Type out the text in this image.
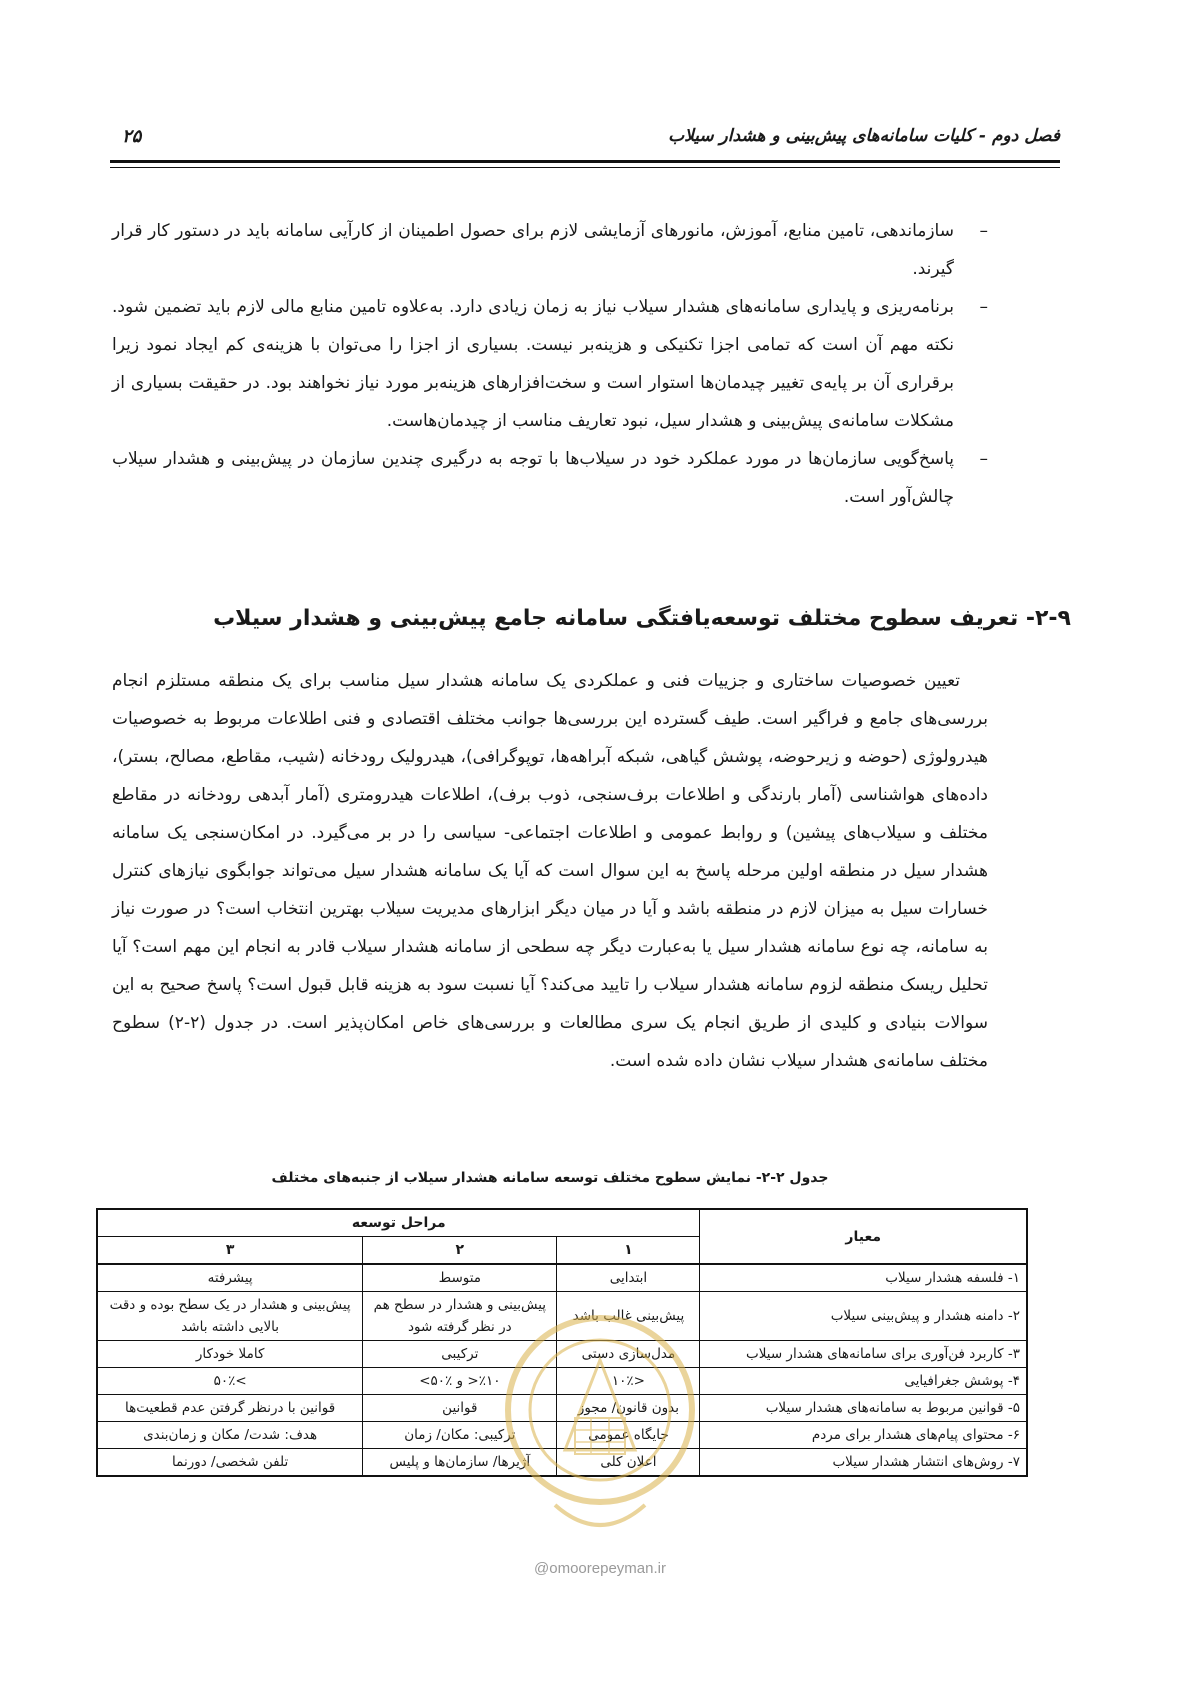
فصل دوم - کلیات سامانه‌های پیش‌بینی و هشدار سیلاب
۲۵

–
سازماندهی، تامین منابع، آموزش، مانورهای آزمایشی لازم برای حصول اطمینان از کارآیی سامانه باید در دستور کار قرار گیرند.

–
برنامه‌ریزی و پایداری سامانه‌های هشدار سیلاب نیاز به زمان زیادی دارد. به‌علاوه تامین منابع مالی لازم باید تضمین شود. نکته مهم آن است که تمامی اجزا تکنیکی و هزینه‌بر نیست. بسیاری از اجزا را می‌توان با هزینه‌ی کم ایجاد نمود زیرا برقراری آن بر پایه‌ی تغییر چیدمان‌ها استوار است و سخت‌افزارهای هزینه‌بر مورد نیاز نخواهند بود. در حقیقت بسیاری از مشکلات سامانه‌ی پیش‌بینی و هشدار سیل، نبود تعاریف مناسب از چیدمان‌هاست.

–
پاسخ‌گویی سازمان‌ها در مورد عملکرد خود در سیلاب‌ها با توجه به درگیری چندین سازمان در پیش‌بینی و هشدار سیلاب چالش‌آور است.

۲-۹- تعریف سطوح مختلف توسعه‌یافتگی سامانه جامع پیش‌بینی و هشدار سیلاب

تعیین خصوصیات ساختاری و جزییات فنی و عملکردی یک سامانه هشدار سیل مناسب برای یک منطقه مستلزم انجام بررسی‌های جامع و فراگیر است. طیف گسترده این بررسی‌ها جوانب مختلف اقتصادی و فنی اطلاعات مربوط به خصوصیات هیدرولوژی (حوضه و زیرحوضه، پوشش گیاهی، شبکه آبراهه‌ها، توپوگرافی)، هیدرولیک رودخانه (شیب، مقاطع، مصالح، بستر)، داده‌های هواشناسی (آمار بارندگی و اطلاعات برف‌سنجی، ذوب برف)، اطلاعات هیدرومتری (آمار آبدهی رودخانه در مقاطع مختلف و سیلاب‌های پیشین) و روابط عمومی و اطلاعات اجتماعی- سیاسی را در بر می‌گیرد. در امکان‌سنجی یک سامانه هشدار سیل در منطقه اولین مرحله پاسخ به این سوال است که آیا یک سامانه هشدار سیل می‌تواند جوابگوی نیازهای کنترل خسارات سیل به میزان لازم در منطقه باشد و آیا در میان دیگر ابزارهای مدیریت سیلاب بهترین انتخاب است؟ در صورت نیاز به سامانه، چه نوع سامانه هشدار سیل یا به‌عبارت دیگر چه سطحی از سامانه هشدار سیلاب قادر به انجام این مهم است؟ آیا تحلیل ریسک منطقه لزوم سامانه هشدار سیلاب را تایید می‌کند؟ آیا نسبت سود به هزینه قابل قبول است؟ پاسخ صحیح به این سوالات بنیادی و کلیدی از طریق انجام یک سری مطالعات و بررسی‌های خاص امکان‌پذیر است. در جدول (۲-۲) سطوح مختلف سامانه‌ی هشدار سیلاب نشان داده شده است.

جدول ۲-۲- نمایش سطوح مختلف توسعه سامانه هشدار سیلاب از جنبه‌های مختلف
معیار	مراحل توسعه		
	۱	۲	۳
۱- فلسفه هشدار سیلاب	ابتدایی	متوسط	پیشرفته
۲- دامنه هشدار و پیش‌بینی سیلاب	پیش‌بینی غالب باشد	پیش‌بینی و هشدار در سطح هم در نظر گرفته شود	پیش‌بینی و هشدار در یک سطح بوده و دقت بالایی داشته باشد
۳- کاربرد فن‌آوری برای سامانه‌های هشدار سیلاب	مدل‌سازی دستی	ترکیبی	کاملا خودکار
۴- پوشش جغرافیایی	<۱۰٪	٪۱۰< و ٪۵۰>	>۵۰٪
۵- قوانین مربوط به سامانه‌های هشدار سیلاب	بدون قانون/ مجوز	قوانین	قوانین با درنظر گرفتن عدم قطعیت‌ها
۶- محتوای پیام‌های هشدار برای مردم	جایگاه عمومی	ترکیبی: مکان/ زمان	هدف: شدت/ مکان و زمان‌بندی
۷- روش‌های انتشار هشدار سیلاب	اعلان کلی	آژیرها/ سازمان‌ها و پلیس	تلفن شخصی/ دورنما
@omoorepeyman.ir
